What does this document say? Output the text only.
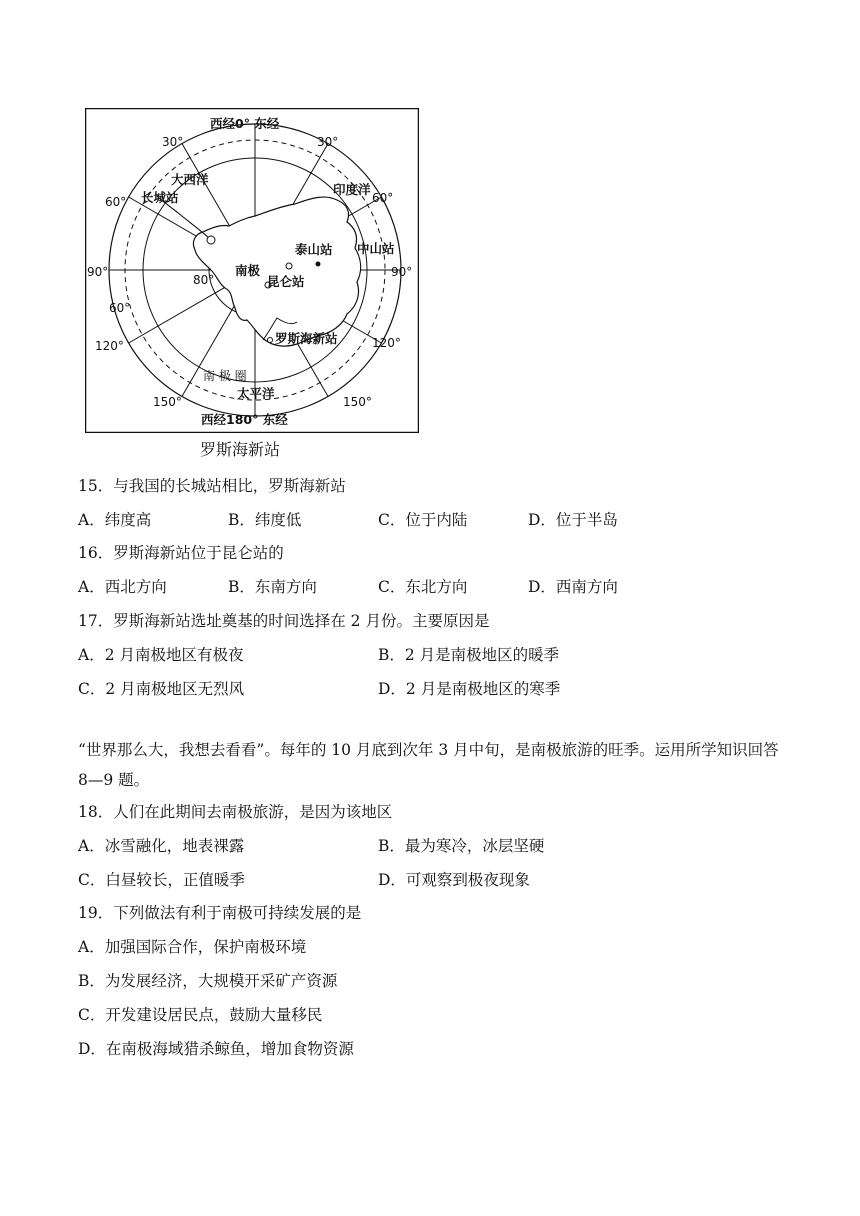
西经0° 东经
西经180° 东经
30°	30°
60°	60°
90°	90°
60°
80°
120°	120°
150°	150°
大西洋
长城站
印度洋
泰山站 中山站
南极
昆仑站
罗斯海新站
南 极 圈
太平洋
罗斯海新站
15．与我国的长城站相比，罗斯海新站
A．纬度高	B．纬度低	C．位于内陆	D．位于半岛
16．罗斯海新站位于昆仑站的
A．西北方向	B．东南方向	C．东北方向	D．西南方向
17．罗斯海新站选址奠基的时间选择在 2 月份。主要原因是
A．2 月南极地区有极夜	B．2 月是南极地区的暖季
C．2 月南极地区无烈风	D．2 月是南极地区的寒季
“世界那么大，我想去看看”。每年的 10 月底到次年 3 月中旬，是南极旅游的旺季。运用所学知识回答 8—9 题。
18．人们在此期间去南极旅游，是因为该地区
A．冰雪融化，地表裸露	B．最为寒冷，冰层坚硬
C．白昼较长，正值暖季	D．可观察到极夜现象
19．下列做法有利于南极可持续发展的是
A．加强国际合作，保护南极环境
B．为发展经济，大规模开采矿产资源
C．开发建设居民点，鼓励大量移民
D．在南极海域猎杀鲸鱼，增加食物资源
